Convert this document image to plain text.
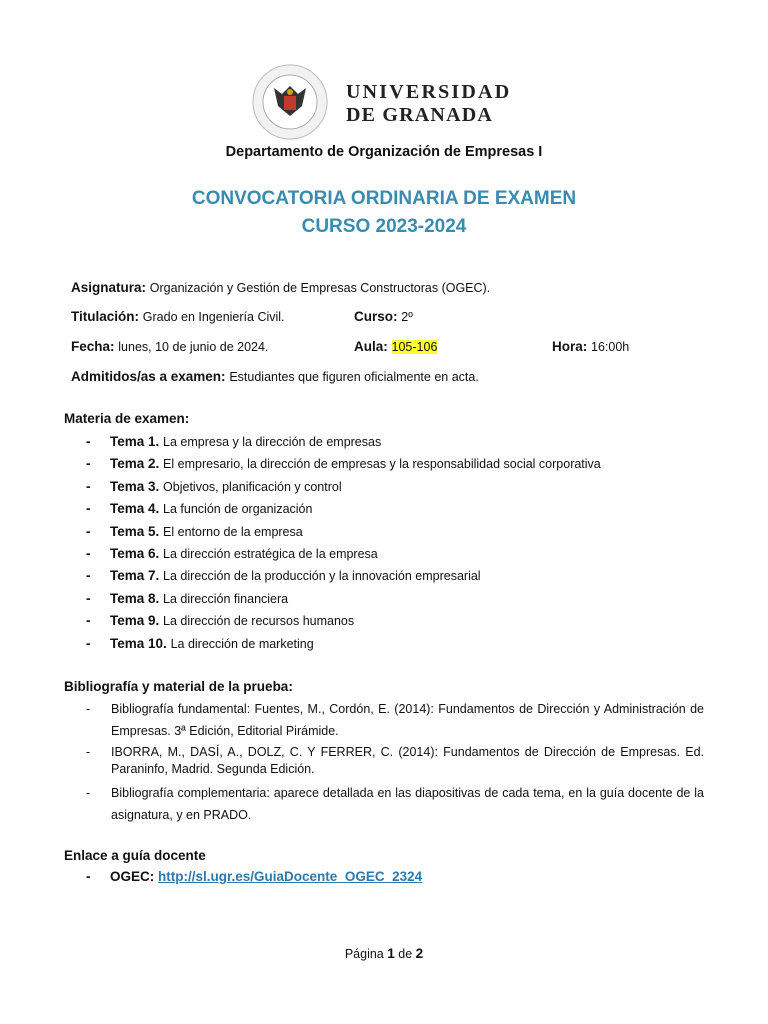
UNIVERSIDAD
DE GRANADA
Departamento de Organización de Empresas I
CONVOCATORIA ORDINARIA DE EXAMEN
CURSO 2023-2024
Asignatura: Organización y Gestión de Empresas Constructoras (OGEC).
Titulación: Grado en Ingeniería Civil.	Curso: 2º
Fecha: lunes, 10 de junio de 2024.	Aula: 105-106	Hora: 16:00h
Admitidos/as a examen: Estudiantes que figuren oficialmente en acta.
Materia de examen:
- Tema 1. La empresa y la dirección de empresas
- Tema 2. El empresario, la dirección de empresas y la responsabilidad social corporativa
- Tema 3. Objetivos, planificación y control
- Tema 4. La función de organización
- Tema 5. El entorno de la empresa
- Tema 6. La dirección estratégica de la empresa
- Tema 7. La dirección de la producción y la innovación empresarial
- Tema 8. La dirección financiera
- Tema 9. La dirección de recursos humanos
- Tema 10. La dirección de marketing
Bibliografía y material de la prueba:
- Bibliografía fundamental: Fuentes, M., Cordón, E. (2014): Fundamentos de Dirección y Administración de Empresas. 3ª Edición, Editorial Pirámide.
- IBORRA, M., DASÍ, A., DOLZ, C. Y FERRER, C. (2014): Fundamentos de Dirección de Empresas. Ed. Paraninfo, Madrid. Segunda Edición.
- Bibliografía complementaria: aparece detallada en las diapositivas de cada tema, en la guía docente de la asignatura, y en PRADO.
Enlace a guía docente
- OGEC: http://sl.ugr.es/GuiaDocente_OGEC_2324
Página 1 de 2
